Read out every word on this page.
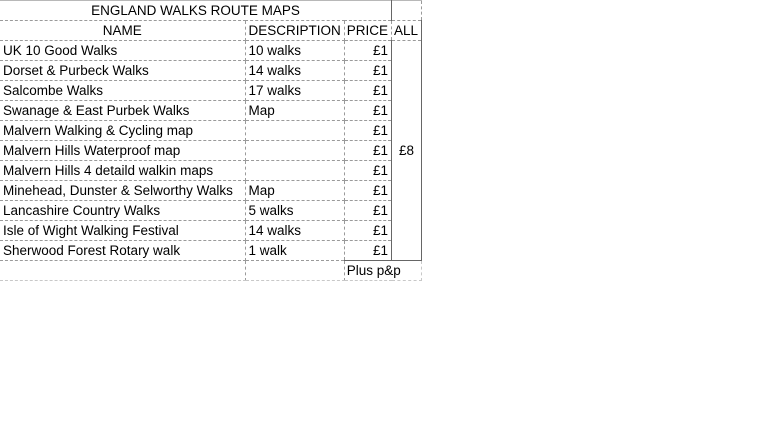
ENGLAND WALKS ROUTE MAPS			
NAME	DESCRIPTION	PRICE	ALL
UK 10 Good Walks	10 walks	£1	£8
Dorset & Purbeck Walks	14 walks	£1	
Salcombe Walks	17 walks	£1	
Swanage & East Purbek Walks	Map	£1	
Malvern Walking & Cycling map		£1	
Malvern Hills Waterproof map		£1	
Malvern Hills 4 detaild walkin maps		£1	
Minehead, Dunster & Selworthy Walks	Map	£1	
Lancashire Country Walks	5 walks	£1	
Isle of Wight Walking Festival	14 walks	£1	
Sherwood Forest Rotary walk	1 walk	£1	
		Plus p&p	
